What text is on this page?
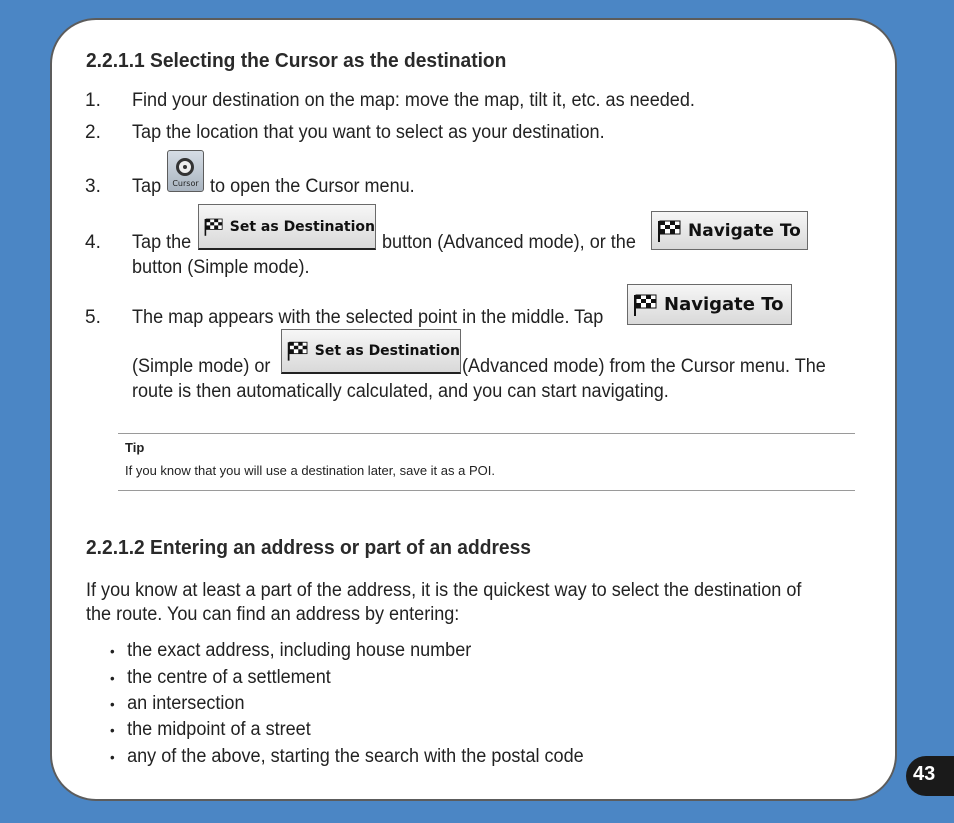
2.2.1.1 Selecting the Cursor as the destination
1. Find your destination on the map: move the map, tilt it, etc. as needed.
2. Tap the location that you want to select as your destination.
3. Tap	Cursor to open the Cursor menu.
4. Tap the
Set as Destination
button (Advanced mode), or the
Navigate To
button (Simple mode).
5. The map appears with the selected point in the middle. Tap
Navigate To
(Simple mode) or
Set as Destination
(Advanced mode) from the Cursor menu. The
route is then automatically calculated, and you can start navigating.
Tip
If you know that you will use a destination later, save it as a POI.
2.2.1.2 Entering an address or part of an address
If you know at least a part of the address, it is the quickest way to select the destination of
the route. You can find an address by entering:
• the exact address, including house number
• the centre of a settlement
• an intersection
• the midpoint of a street
• any of the above, starting the search with the postal code
43
